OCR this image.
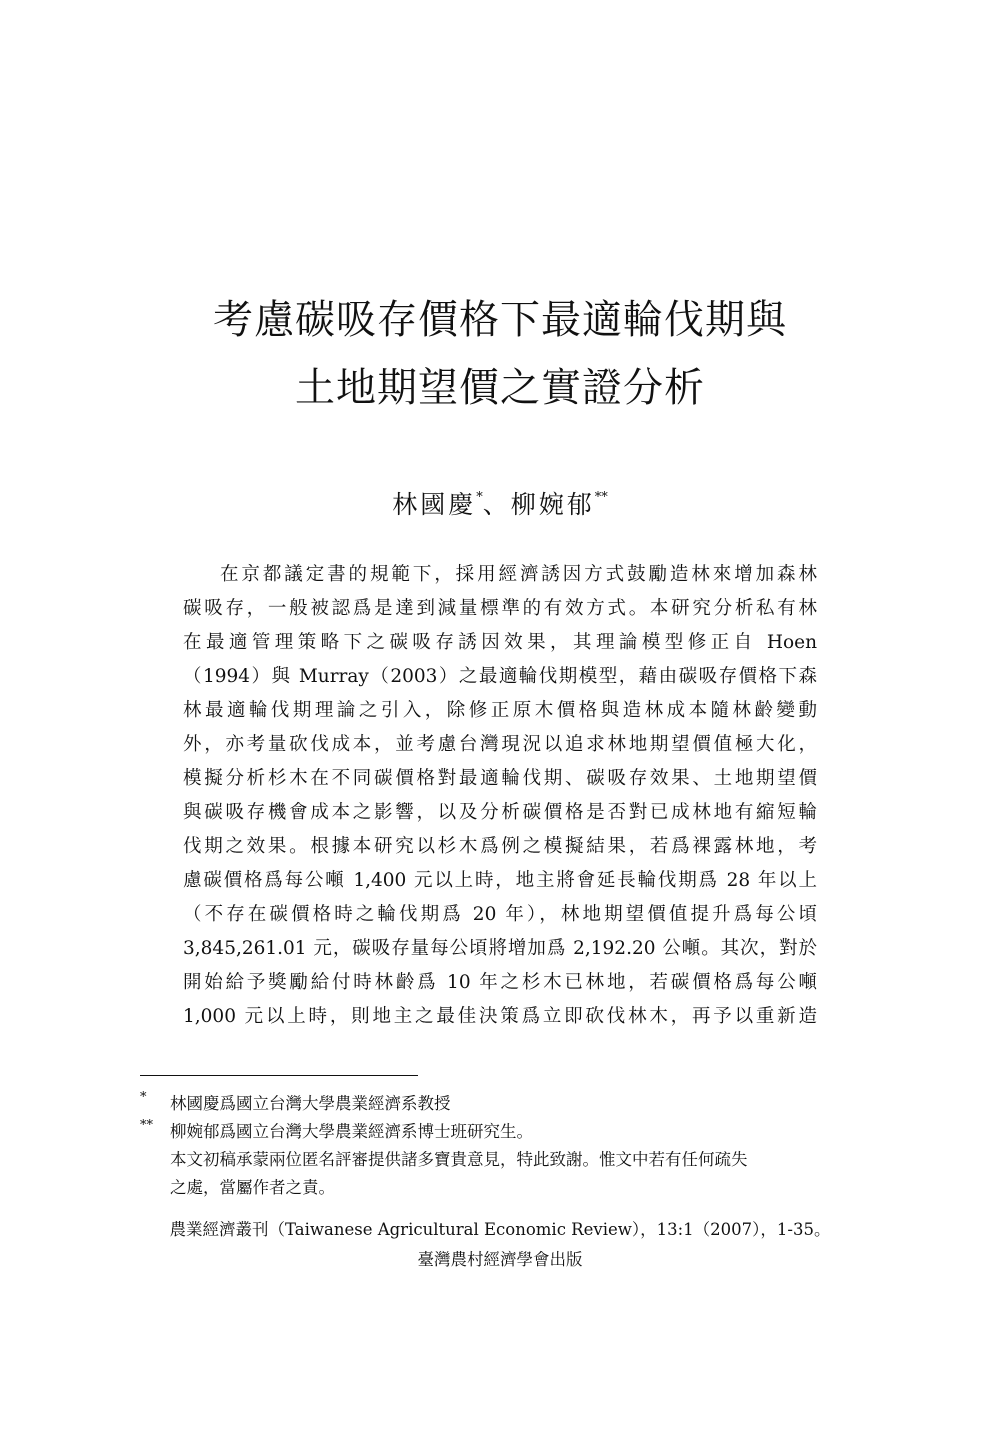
考慮碳吸存價格下最適輪伐期與
土地期望價之實證分析
林國慶*、柳婉郁**
在京都議定書的規範下，採用經濟誘因方式鼓勵造林來增加森林
碳吸存，一般被認爲是達到減量標準的有效方式。本研究分析私有林
在最適管理策略下之碳吸存誘因效果，其理論模型修正自 Hoen
（1994）與 Murray（2003）之最適輪伐期模型，藉由碳吸存價格下森
林最適輪伐期理論之引入，除修正原木價格與造林成本隨林齡變動
外，亦考量砍伐成本，並考慮台灣現況以追求林地期望價值極大化，
模擬分析杉木在不同碳價格對最適輪伐期、碳吸存效果、土地期望價
與碳吸存機會成本之影響，以及分析碳價格是否對已成林地有縮短輪
伐期之效果。根據本研究以杉木爲例之模擬結果，若爲裸露林地，考
慮碳價格爲每公噸 1,400 元以上時，地主將會延長輪伐期爲 28 年以上
（不存在碳價格時之輪伐期爲 20 年），林地期望價值提升爲每公頃
3,845,261.01 元，碳吸存量每公頃將增加爲 2,192.20 公噸。其次，對於
開始給予獎勵給付時林齡爲 10 年之杉木已林地，若碳價格爲每公噸
1,000 元以上時，則地主之最佳決策爲立即砍伐林木，再予以重新造
*	林國慶爲國立台灣大學農業經濟系教授
**	柳婉郁爲國立台灣大學農業經濟系博士班研究生。
本文初稿承蒙兩位匿名評審提供諸多寶貴意見，特此致謝。惟文中若有任何疏失
之處，當屬作者之責。
農業經濟叢刊（Taiwanese Agricultural Economic Review），13:1（2007），1-35。
臺灣農村經濟學會出版
